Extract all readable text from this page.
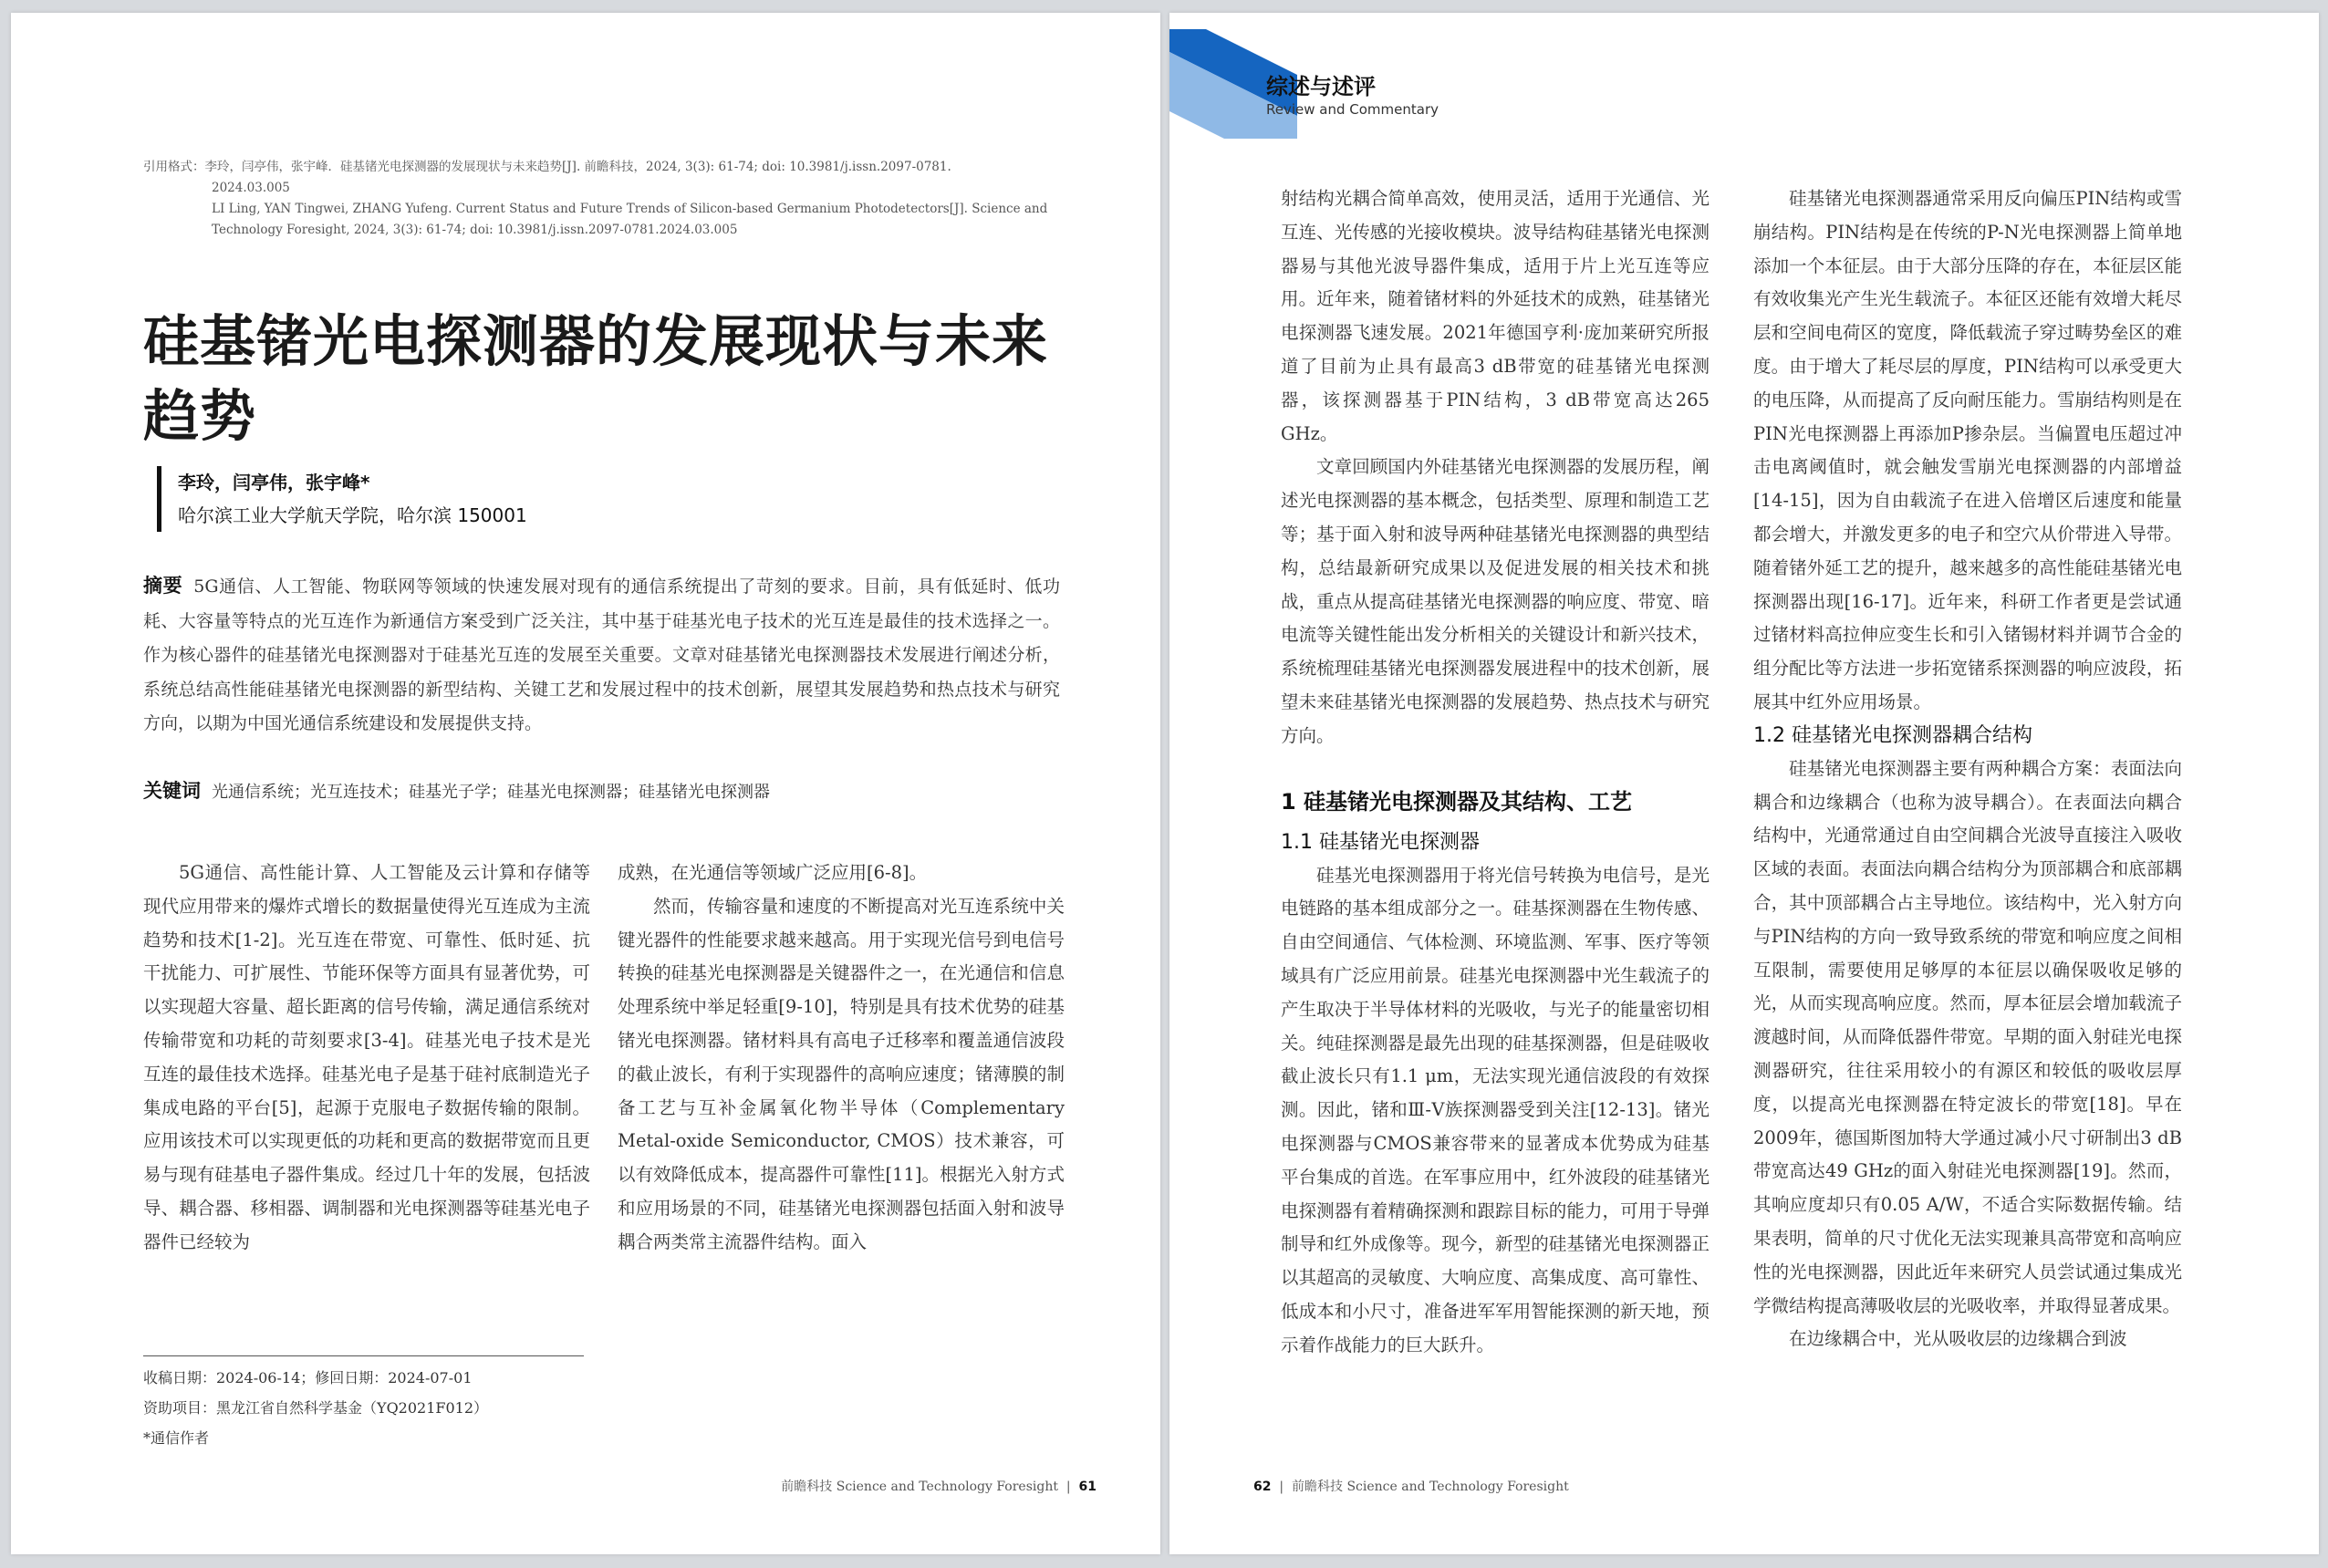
引用格式：李玲，闫亭伟，张宇峰．硅基锗光电探测器的发展现状与未来趋势[J]. 前瞻科技，2024, 3(3): 61-74; doi: 10.3981/j.issn.2097-0781.
2024.03.005
LI Ling, YAN Tingwei, ZHANG Yufeng. Current Status and Future Trends of Silicon-based Germanium Photodetectors[J]. Science and
Technology Foresight, 2024, 3(3): 61-74; doi: 10.3981/j.issn.2097-0781.2024.03.005
硅基锗光电探测器的发展现状与未来
趋势
李玲，闫亭伟，张宇峰*
哈尔滨工业大学航天学院，哈尔滨 150001
摘要 5G通信、人工智能、物联网等领域的快速发展对现有的通信系统提出了苛刻的要求。目前，具有低延时、低功耗、大容量等特点的光互连作为新通信方案受到广泛关注，其中基于硅基光电子技术的光互连是最佳的技术选择之一。作为核心器件的硅基锗光电探测器对于硅基光互连的发展至关重要。文章对硅基锗光电探测器技术发展进行阐述分析，系统总结高性能硅基锗光电探测器的新型结构、关键工艺和发展过程中的技术创新，展望其发展趋势和热点技术与研究方向，以期为中国光通信系统建设和发展提供支持。
关键词 光通信系统；光互连技术；硅基光子学；硅基光电探测器；硅基锗光电探测器

5G通信、高性能计算、人工智能及云计算和存储等现代应用带来的爆炸式增长的数据量使得光互连成为主流趋势和技术[1-2]。光互连在带宽、可靠性、低时延、抗干扰能力、可扩展性、节能环保等方面具有显著优势，可以实现超大容量、超长距离的信号传输，满足通信系统对传输带宽和功耗的苛刻要求[3-4]。硅基光电子技术是光互连的最佳技术选择。硅基光电子是基于硅衬底制造光子集成电路的平台[5]，起源于克服电子数据传输的限制。应用该技术可以实现更低的功耗和更高的数据带宽而且更易与现有硅基电子器件集成。经过几十年的发展，包括波导、耦合器、移相器、调制器和光电探测器等硅基光电子器件已经较为

成熟，在光通信等领域广泛应用[6-8]。

然而，传输容量和速度的不断提高对光互连系统中关键光器件的性能要求越来越高。用于实现光信号到电信号转换的硅基光电探测器是关键器件之一，在光通信和信息处理系统中举足轻重[9-10]，特别是具有技术优势的硅基锗光电探测器。锗材料具有高电子迁移率和覆盖通信波段的截止波长，有利于实现器件的高响应速度；锗薄膜的制备工艺与互补金属氧化物半导体（Complementary Metal-oxide Semiconductor, CMOS）技术兼容，可以有效降低成本，提高器件可靠性[11]。根据光入射方式和应用场景的不同，硅基锗光电探测器包括面入射和波导耦合两类常主流器件结构。面入

收稿日期：2024-06-14；修回日期：2024-07-01
资助项目：黑龙江省自然科学基金（YQ2021F012）
*通信作者
前瞻科技 Science and Technology Foresight | 61
综述与述评
Review and Commentary

射结构光耦合简单高效，使用灵活，适用于光通信、光互连、光传感的光接收模块。波导结构硅基锗光电探测器易与其他光波导器件集成，适用于片上光互连等应用。近年来，随着锗材料的外延技术的成熟，硅基锗光电探测器飞速发展。2021年德国亨利·庞加莱研究所报道了目前为止具有最高3 dB带宽的硅基锗光电探测器，该探测器基于PIN结构，3 dB带宽高达265 GHz。

文章回顾国内外硅基锗光电探测器的发展历程，阐述光电探测器的基本概念，包括类型、原理和制造工艺等；基于面入射和波导两种硅基锗光电探测器的典型结构，总结最新研究成果以及促进发展的相关技术和挑战，重点从提高硅基锗光电探测器的响应度、带宽、暗电流等关键性能出发分析相关的关键设计和新兴技术，系统梳理硅基锗光电探测器发展进程中的技术创新，展望未来硅基锗光电探测器的发展趋势、热点技术与研究方向。

1 硅基锗光电探测器及其结构、工艺
1.1 硅基锗光电探测器

硅基光电探测器用于将光信号转换为电信号，是光电链路的基本组成部分之一。硅基探测器在生物传感、自由空间通信、气体检测、环境监测、军事、医疗等领域具有广泛应用前景。硅基光电探测器中光生载流子的产生取决于半导体材料的光吸收，与光子的能量密切相关。纯硅探测器是最先出现的硅基探测器，但是硅吸收截止波长只有1.1 μm，无法实现光通信波段的有效探测。因此，锗和Ⅲ-Ⅴ族探测器受到关注[12-13]。锗光电探测器与CMOS兼容带来的显著成本优势成为硅基平台集成的首选。在军事应用中，红外波段的硅基锗光电探测器有着精确探测和跟踪目标的能力，可用于导弹制导和红外成像等。现今，新型的硅基锗光电探测器正以其超高的灵敏度、大响应度、高集成度、高可靠性、低成本和小尺寸，准备进军军用智能探测的新天地，预示着作战能力的巨大跃升。

硅基锗光电探测器通常采用反向偏压PIN结构或雪崩结构。PIN结构是在传统的P-N光电探测器上简单地添加一个本征层。由于大部分压降的存在，本征层区能有效收集光产生光生载流子。本征区还能有效增大耗尽层和空间电荷区的宽度，降低载流子穿过畴势垒区的难度。由于增大了耗尽层的厚度，PIN结构可以承受更大的电压降，从而提高了反向耐压能力。雪崩结构则是在PIN光电探测器上再添加P掺杂层。当偏置电压超过冲击电离阈值时，就会触发雪崩光电探测器的内部增益[14-15]，因为自由载流子在进入倍增区后速度和能量都会增大，并激发更多的电子和空穴从价带进入导带。随着锗外延工艺的提升，越来越多的高性能硅基锗光电探测器出现[16-17]。近年来，科研工作者更是尝试通过锗材料高拉伸应变生长和引入锗锡材料并调节合金的组分配比等方法进一步拓宽锗系探测器的响应波段，拓展其中红外应用场景。

1.2 硅基锗光电探测器耦合结构

硅基锗光电探测器主要有两种耦合方案：表面法向耦合和边缘耦合（也称为波导耦合）。在表面法向耦合结构中，光通常通过自由空间耦合光波导直接注入吸收区域的表面。表面法向耦合结构分为顶部耦合和底部耦合，其中顶部耦合占主导地位。该结构中，光入射方向与PIN结构的方向一致导致系统的带宽和响应度之间相互限制，需要使用足够厚的本征层以确保吸收足够的光，从而实现高响应度。然而，厚本征层会增加载流子渡越时间，从而降低器件带宽。早期的面入射硅光电探测器研究，往往采用较小的有源区和较低的吸收层厚度，以提高光电探测器在特定波长的带宽[18]。早在2009年，德国斯图加特大学通过减小尺寸研制出3 dB带宽高达49 GHz的面入射硅光电探测器[19]。然而，其响应度却只有0.05 A/W，不适合实际数据传输。结果表明，简单的尺寸优化无法实现兼具高带宽和高响应性的光电探测器，因此近年来研究人员尝试通过集成光学微结构提高薄吸收层的光吸收率，并取得显著成果。

在边缘耦合中，光从吸收层的边缘耦合到波

62 | 前瞻科技 Science and Technology Foresight
